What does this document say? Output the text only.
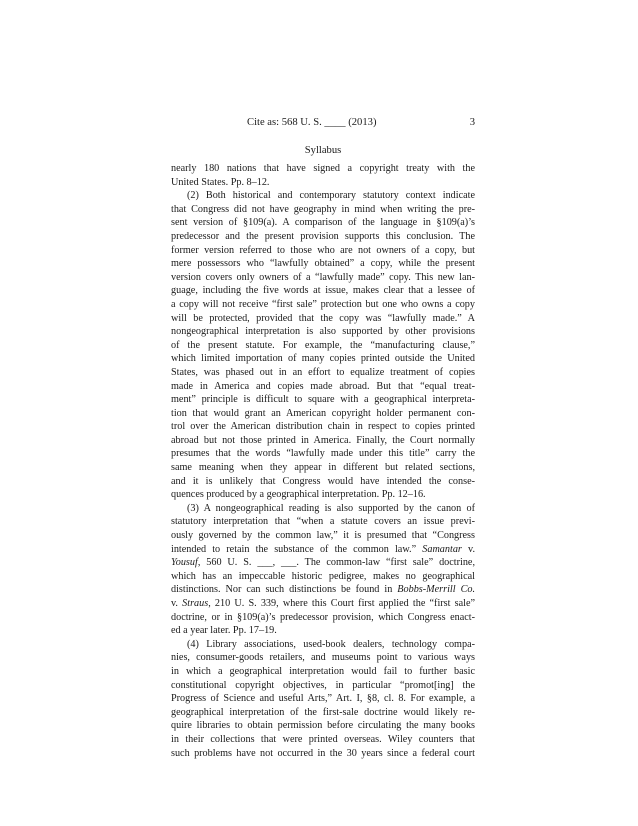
Cite as: 568 U. S. ____ (2013)	3
Syllabus
nearly 180 nations that have signed a copyright treaty with the
United States. Pp. 8–12.
(2) Both historical and contemporary statutory context indicate
that Congress did not have geography in mind when writing the pre-
sent version of §109(a). A comparison of the language in §109(a)’s
predecessor and the present provision supports this conclusion. The
former version referred to those who are not owners of a copy, but
mere possessors who “lawfully obtained” a copy, while the present
version covers only owners of a “lawfully made” copy. This new lan-
guage, including the five words at issue, makes clear that a lessee of
a copy will not receive “first sale” protection but one who owns a copy
will be protected, provided that the copy was “lawfully made.” A
nongeographical interpretation is also supported by other provisions
of the present statute. For example, the “manufacturing clause,”
which limited importation of many copies printed outside the United
States, was phased out in an effort to equalize treatment of copies
made in America and copies made abroad. But that “equal treat-
ment” principle is difficult to square with a geographical interpreta-
tion that would grant an American copyright holder permanent con-
trol over the American distribution chain in respect to copies printed
abroad but not those printed in America. Finally, the Court normally
presumes that the words “lawfully made under this title” carry the
same meaning when they appear in different but related sections,
and it is unlikely that Congress would have intended the conse-
quences produced by a geographical interpretation. Pp. 12–16.
(3) A nongeographical reading is also supported by the canon of
statutory interpretation that “when a statute covers an issue previ-
ously governed by the common law,” it is presumed that “Congress
intended to retain the substance of the common law.” Samantar v.
Yousuf, 560 U. S. ___, ___. The common-law “first sale” doctrine,
which has an impeccable historic pedigree, makes no geographical
distinctions. Nor can such distinctions be found in Bobbs-Merrill Co.
v. Straus, 210 U. S. 339, where this Court first applied the “first sale”
doctrine, or in §109(a)’s predecessor provision, which Congress enact-
ed a year later. Pp. 17–19.
(4) Library associations, used-book dealers, technology compa-
nies, consumer-goods retailers, and museums point to various ways
in which a geographical interpretation would fail to further basic
constitutional copyright objectives, in particular “promot[ing] the
Progress of Science and useful Arts,” Art. I, §8, cl. 8. For example, a
geographical interpretation of the first-sale doctrine would likely re-
quire libraries to obtain permission before circulating the many books
in their collections that were printed overseas. Wiley counters that
such problems have not occurred in the 30 years since a federal court
